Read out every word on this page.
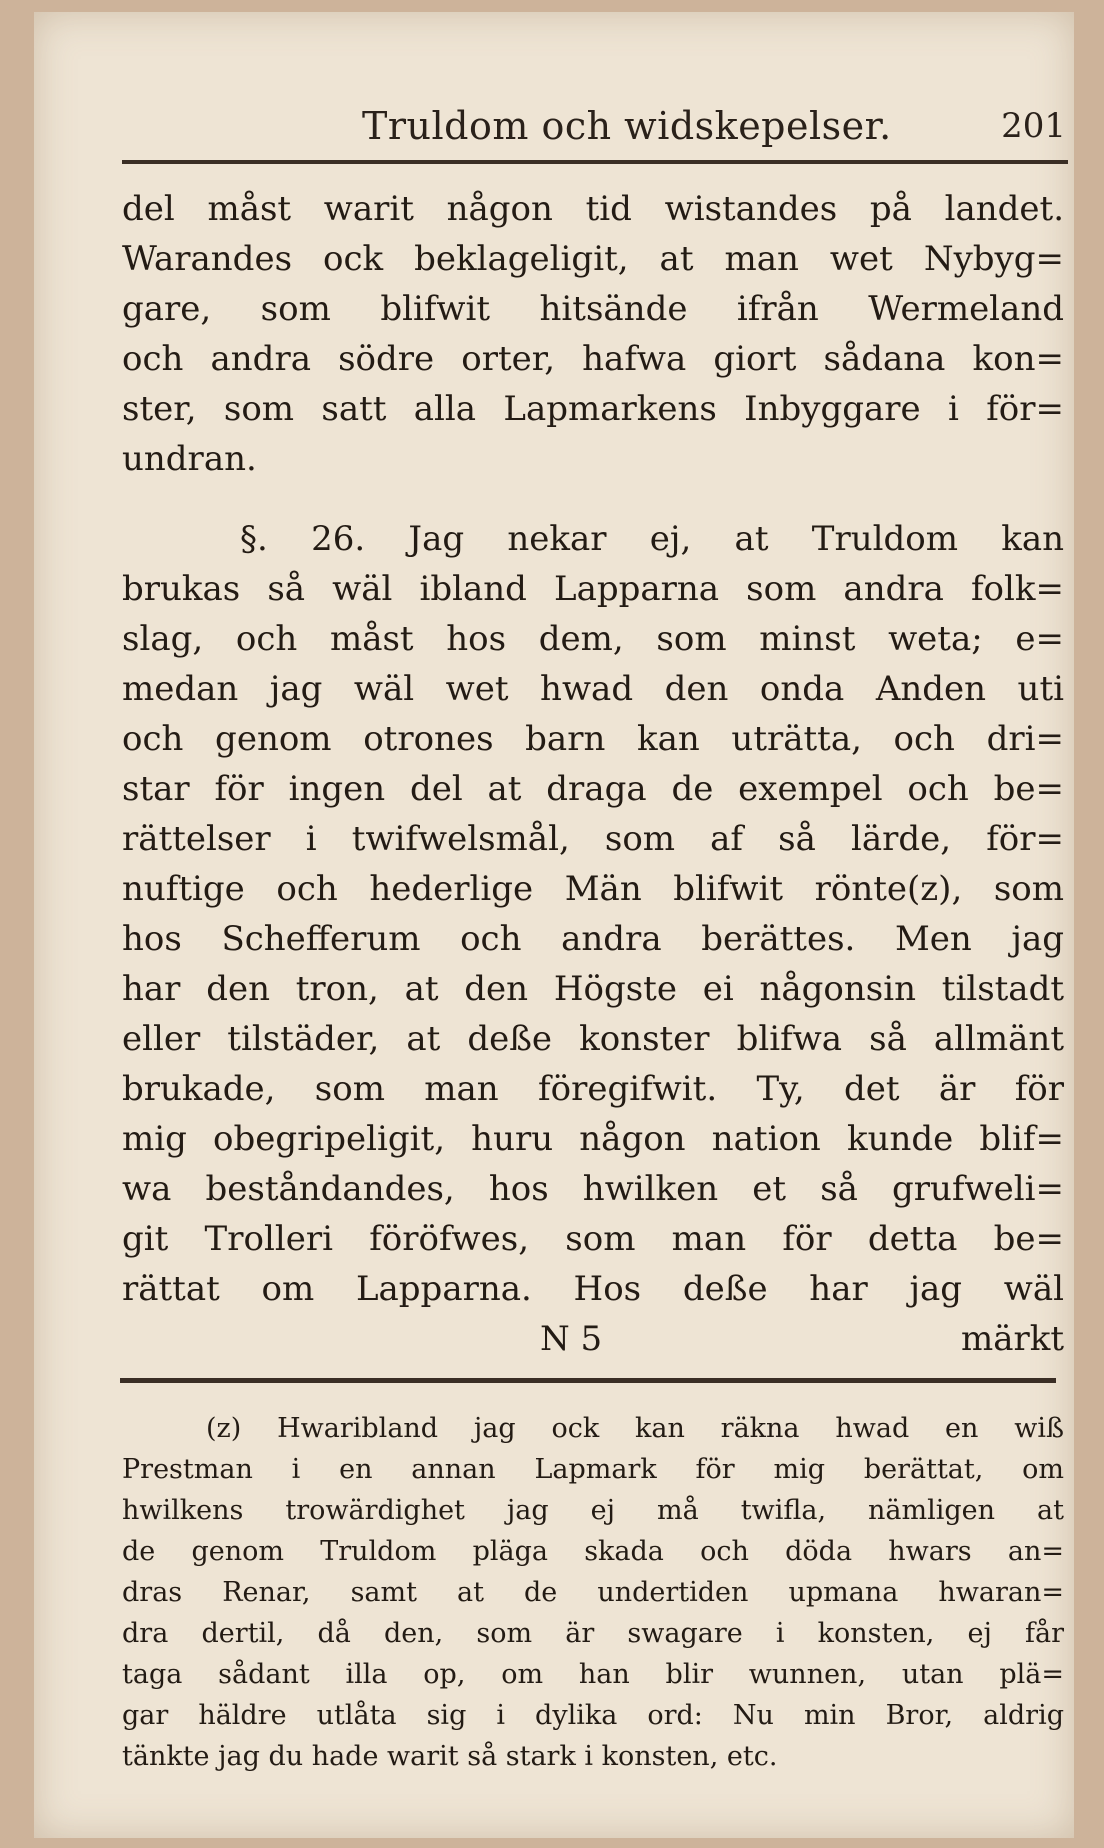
Truldom och widskepelser.	201
del måst warit någon tid wistandes på landet.
Warandes ock beklageligit, at man wet Nybyg=
gare, som blifwit hitsände ifrån Wermeland
och andra södre orter, hafwa giort sådana kon=
ster, som satt alla Lapmarkens Inbyggare i för=
undran.
§. 26. Jag nekar ej, at Truldom kan
brukas så wäl ibland Lapparna som andra folk=
slag, och måst hos dem, som minst weta; e=
medan jag wäl wet hwad den onda Anden uti
och genom otrones barn kan uträtta, och dri=
star för ingen del at draga de exempel och be=
rättelser i twifwelsmål, som af så lärde, för=
nuftige och hederlige Män blifwit rönte(z), som
hos Schefferum och andra berättes. Men jag
har den tron, at den Högste ei någonsin tilstadt
eller tilstäder, at deße konster blifwa så allmänt
brukade, som man föregifwit. Ty, det är för
mig obegripeligit, huru någon nation kunde blif=
wa beståndandes, hos hwilken et så grufweli=
git Trolleri föröfwes, som man för detta be=
rättat om Lapparna. Hos deße har jag wäl
N 5	märkt
(z) Hwaribland jag ock kan räkna hwad en wiß
Prestman i en annan Lapmark för mig berättat, om
hwilkens trowärdighet jag ej må twifla, nämligen at
de genom Truldom pläga skada och döda hwars an=
dras Renar, samt at de undertiden upmana hwaran=
dra dertil, då den, som är swagare i konsten, ej får
taga sådant illa op, om han blir wunnen, utan plä=
gar häldre utlåta sig i dylika ord: Nu min Bror, aldrig
tänkte jag du hade warit så stark i konsten, etc.
